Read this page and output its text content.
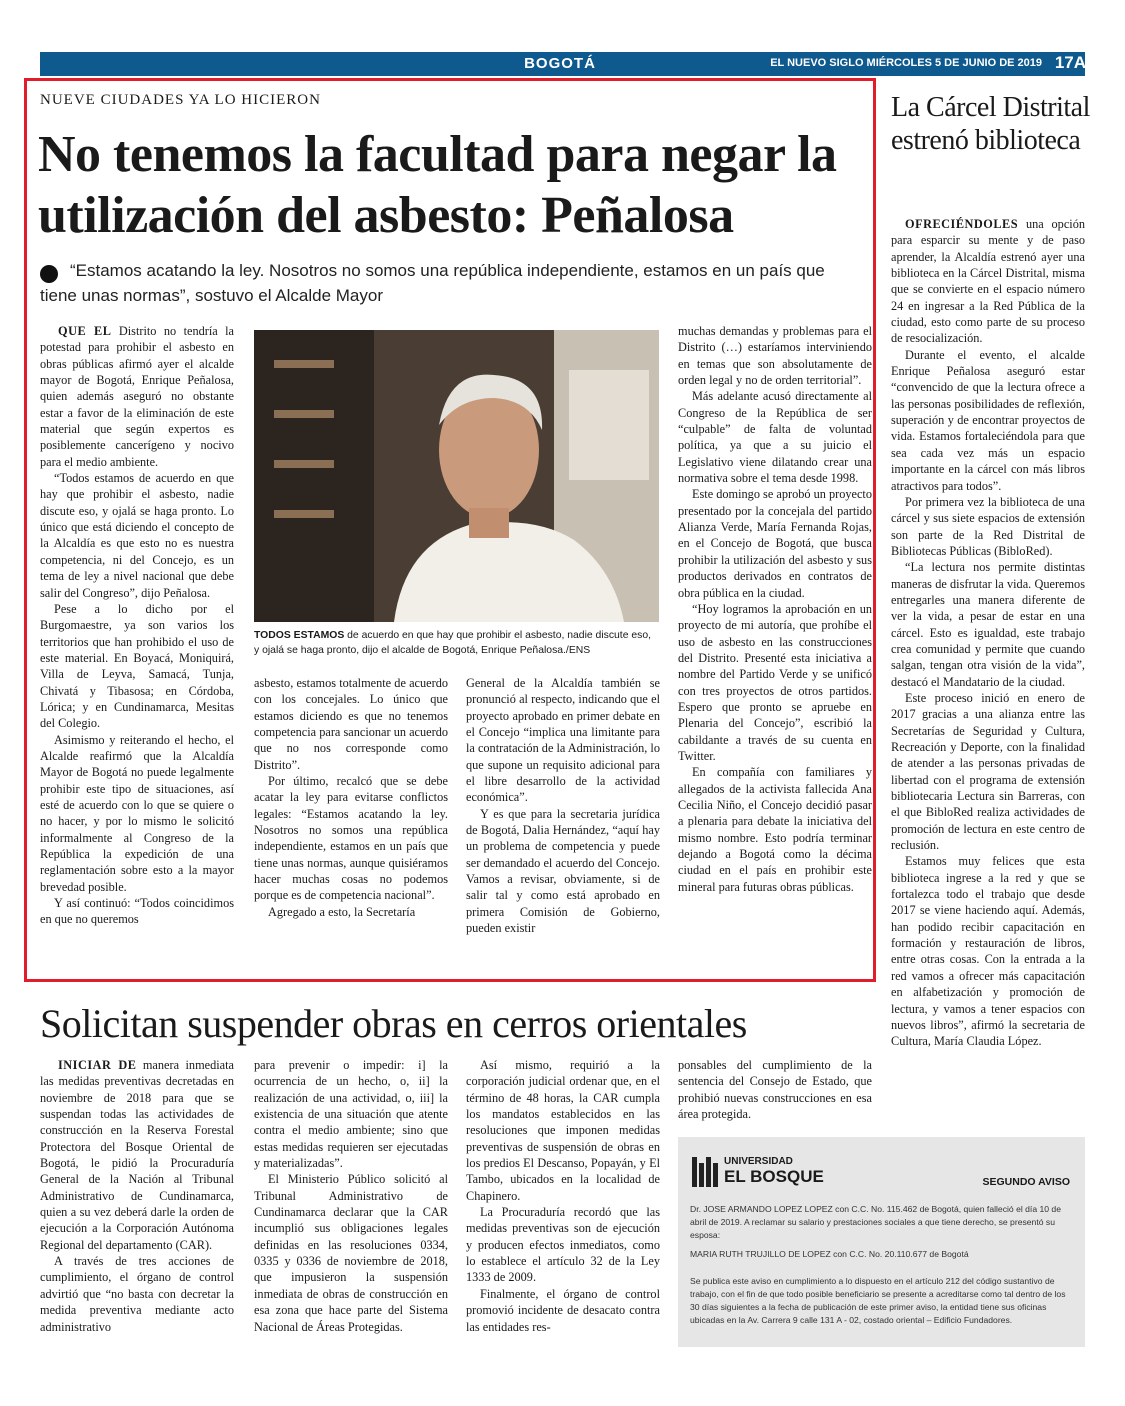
BOGOTÁ	EL NUEVO SIGLO MIÉRCOLES 5 DE JUNIO DE 2019 17A
NUEVE CIUDADES YA LO HICIERON
No tenemos la facultad para negar la utilización del asbesto: Peñalosa
“Estamos acatando la ley. Nosotros no somos una república independiente, estamos en un país que tiene unas normas”, sostuvo el Alcalde Mayor

QUE EL Distrito no tendría la potestad para prohibir el asbesto en obras públicas afirmó ayer el alcalde mayor de Bogotá, Enrique Peñalosa, quien además aseguró no obstante estar a favor de la eliminación de este material que según expertos es posiblemente cancerígeno y nocivo para el medio ambiente.

“Todos estamos de acuerdo en que hay que prohibir el asbesto, nadie discute eso, y ojalá se haga pronto. Lo único que está diciendo el concepto de la Alcaldía es que esto no es nuestra competencia, ni del Concejo, es un tema de ley a nivel nacional que debe salir del Congreso”, dijo Peñalosa.

Pese a lo dicho por el Burgomaestre, ya son varios los territorios que han prohibido el uso de este material. En Boyacá, Moniquirá, Villa de Leyva, Samacá, Tunja, Chivatá y Tibasosa; en Córdoba, Lórica; y en Cundinamarca, Mesitas del Colegio.

Asimismo y reiterando el hecho, el Alcalde reafirmó que la Alcaldía Mayor de Bogotá no puede legalmente prohibir este tipo de situaciones, así esté de acuerdo con lo que se quiere o no hacer, y por lo mismo le solicitó informalmente al Congreso de la República la expedición de una reglamentación sobre esto a la mayor brevedad posible.

Y así continuó: “Todos coincidimos en que no queremos

TODOS ESTAMOS de acuerdo en que hay que prohibir el asbesto, nadie discute eso, y ojalá se haga pronto, dijo el alcalde de Bogotá, Enrique Peñalosa./ENS

asbesto, estamos totalmente de acuerdo con los concejales. Lo único que estamos diciendo es que no tenemos competencia para sancionar un acuerdo que no nos corresponde como Distrito”.

Por último, recalcó que se debe acatar la ley para evitarse conflictos legales: “Estamos acatando la ley. Nosotros no somos una república independiente, estamos en un país que tiene unas normas, aunque quisiéramos hacer muchas cosas no podemos porque es de competencia nacional”.

Agregado a esto, la Secretaría

General de la Alcaldía también se pronunció al respecto, indicando que el proyecto aprobado en primer debate en el Concejo “implica una limitante para la contratación de la Administración, lo que supone un requisito adicional para el libre desarrollo de la actividad económica”.

Y es que para la secretaria jurídica de Bogotá, Dalia Hernández, “aquí hay un problema de competencia y puede ser demandado el acuerdo del Concejo. Vamos a revisar, obviamente, si de salir tal y como está aprobado en primera Comisión de Gobierno, pueden existir

muchas demandas y problemas para el Distrito (…) estaríamos interviniendo en temas que son absolutamente de orden legal y no de orden territorial”.

Más adelante acusó directamente al Congreso de la República de ser “culpable” de falta de voluntad política, ya que a su juicio el Legislativo viene dilatando crear una normativa sobre el tema desde 1998.

Este domingo se aprobó un proyecto presentado por la concejala del partido Alianza Verde, María Fernanda Rojas, en el Concejo de Bogotá, que busca prohibir la utilización del asbesto y sus productos derivados en contratos de obra pública en la ciudad.

“Hoy logramos la aprobación en un proyecto de mi autoría, que prohíbe el uso de asbesto en las construcciones del Distrito. Presenté esta iniciativa a nombre del Partido Verde y se unificó con tres proyectos de otros partidos. Espero que pronto se apruebe en Plenaria del Concejo”, escribió la cabildante a través de su cuenta en Twitter.

En compañía con familiares y allegados de la activista fallecida Ana Cecilia Niño, el Concejo decidió pasar a plenaria para debate la iniciativa del mismo nombre. Esto podría terminar dejando a Bogotá como la décima ciudad en el país en prohibir este mineral para futuras obras públicas.

La Cárcel Distrital estrenó biblioteca

OFRECIÉNDOLES una opción para esparcir su mente y de paso aprender, la Alcaldía estrenó ayer una biblioteca en la Cárcel Distrital, misma que se convierte en el espacio número 24 en ingresar a la Red Pública de la ciudad, esto como parte de su proceso de resocialización.

Durante el evento, el alcalde Enrique Peñalosa aseguró estar “convencido de que la lectura ofrece a las personas posibilidades de reflexión, superación y de encontrar proyectos de vida. Estamos fortaleciéndola para que sea cada vez más un espacio importante en la cárcel con más libros atractivos para todos”.

Por primera vez la biblioteca de una cárcel y sus siete espacios de extensión son parte de la Red Distrital de Bibliotecas Públicas (BibloRed).

“La lectura nos permite distintas maneras de disfrutar la vida. Queremos entregarles una manera diferente de ver la vida, a pesar de estar en una cárcel. Esto es igualdad, este trabajo crea comunidad y permite que cuando salgan, tengan otra visión de la vida”, destacó el Mandatario de la ciudad.

Este proceso inició en enero de 2017 gracias a una alianza entre las Secretarías de Seguridad y Cultura, Recreación y Deporte, con la finalidad de atender a las personas privadas de libertad con el programa de extensión bibliotecaria Lectura sin Barreras, con el que BibloRed realiza actividades de promoción de lectura en este centro de reclusión.

Estamos muy felices que esta biblioteca ingrese a la red y que se fortalezca todo el trabajo que desde 2017 se viene haciendo aquí. Además, han podido recibir capacitación en formación y restauración de libros, entre otras cosas. Con la entrada a la red vamos a ofrecer más capacitación en alfabetización y promoción de lectura, y vamos a tener espacios con nuevos libros”, afirmó la secretaria de Cultura, María Claudia López.

Solicitan suspender obras en cerros orientales

INICIAR DE manera inmediata las medidas preventivas decretadas en noviembre de 2018 para que se suspendan todas las actividades de construcción en la Reserva Forestal Protectora del Bosque Oriental de Bogotá, le pidió la Procuraduría General de la Nación al Tribunal Administrativo de Cundinamarca, quien a su vez deberá darle la orden de ejecución a la Corporación Autónoma Regional del departamento (CAR).

A través de tres acciones de cumplimiento, el órgano de control advirtió que “no basta con decretar la medida preventiva mediante acto administrativo

para prevenir o impedir: i] la ocurrencia de un hecho, o, ii] la realización de una actividad, o, iii] la existencia de una situación que atente contra el medio ambiente; sino que estas medidas requieren ser ejecutadas y materializadas”.

El Ministerio Público solicitó al Tribunal Administrativo de Cundinamarca declarar que la CAR incumplió sus obligaciones legales definidas en las resoluciones 0334, 0335 y 0336 de noviembre de 2018, que impusieron la suspensión inmediata de obras de construcción en esa zona que hace parte del Sistema Nacional de Áreas Protegidas.

Así mismo, requirió a la corporación judicial ordenar que, en el término de 48 horas, la CAR cumpla los mandatos establecidos en las resoluciones que imponen medidas preventivas de suspensión de obras en los predios El Descanso, Popayán, y El Tambo, ubicados en la localidad de Chapinero.

La Procuraduría recordó que las medidas preventivas son de ejecución y producen efectos inmediatos, como lo establece el artículo 32 de la Ley 1333 de 2009.

Finalmente, el órgano de control promovió incidente de desacato contra las entidades res-

ponsables del cumplimiento de la sentencia del Consejo de Estado, que prohibió nuevas construcciones en esa área protegida.

UNIVERSIDAD
EL BOSQUE	SEGUNDO AVISO
Dr. JOSE ARMANDO LOPEZ LOPEZ con C.C. No. 115.462 de Bogotá, quien falleció el día 10 de abril de 2019. A reclamar su salario y prestaciones sociales a que tiene derecho, se presentó su esposa:
MARIA RUTH TRUJILLO DE LOPEZ con C.C. No. 20.110.677 de Bogotá
Se publica este aviso en cumplimiento a lo dispuesto en el artículo 212 del código sustantivo de trabajo, con el fin de que todo posible beneficiario se presente a acreditarse como tal dentro de los 30 días siguientes a la fecha de publicación de este primer aviso, la entidad tiene sus oficinas ubicadas en la Av. Carrera 9 calle 131 A - 02, costado oriental – Edificio Fundadores.
